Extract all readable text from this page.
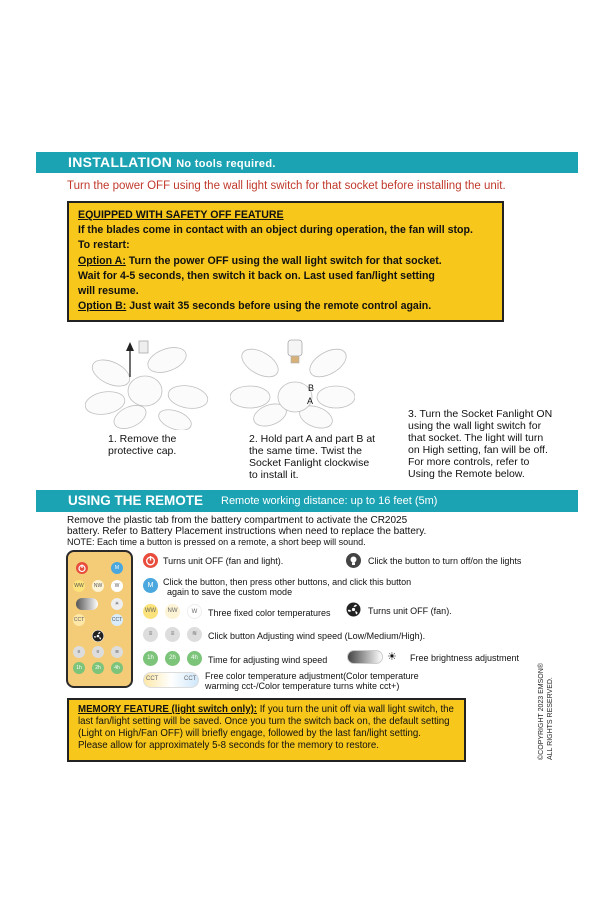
INSTALLATION No tools required.
Turn the power OFF using the wall light switch for that socket before installing the unit.

EQUIPPED WITH SAFETY OFF FEATURE

If the blades come in contact with an object during operation, the fan will stop.

To restart:

Option A: Turn the power OFF using the wall light switch for that socket.

Wait for 4-5 seconds, then switch it back on. Last used fan/light setting

will resume.

Option B: Just wait 35 seconds before using the remote control again.

1. Remove the
protective cap.
B
A
2. Hold part A and part B at
the same time. Twist the
Socket Fanlight clockwise
to install it.
3. Turn the Socket Fanlight ON
using the wall light switch for
that socket. The light will turn
on High setting, fan will be off.
For more controls, refer to
Using the Remote below.
USING THE REMOTE Remote working distance: up to 16 feet (5m)
Remove the plastic tab from the battery compartment to activate the CR2025
battery. Refer to Battery Placement instructions when need to replace the battery.
NOTE: Each time a button is pressed on a remote, a short beep will sound.
M
WW	NW	W
☀
CCT	CCT
≡	≡	≋
1h	2h	4h
Turns unit OFF (fan and light).	Click the button to turn off/on the lights
M	Click the button, then press other buttons, and click this button
again to save the custom mode
WW	NW	W	Three fixed color temperatures	Turns unit OFF (fan).
≡	≡	≋	Click button Adjusting wind speed (Low/Medium/High).
1h	2h	4h	Time for adjusting wind speed	☀ Free brightness adjustment
CCT	CCT Free color temperature adjustment(Color temperature
warming cct-/Color temperature turns white cct+)

MEMORY FEATURE (light switch only): If you turn the unit off via wall light switch, the

last fan/light setting will be saved. Once you turn the switch back on, the default setting

(Light on High/Fan OFF) will briefly engage, followed by the last fan/light setting.

Please allow for approximately 5-8 seconds for the memory to restore.	©COPYRIGHT 2023 EMSON® ALL RIGHTS RESERVED.
